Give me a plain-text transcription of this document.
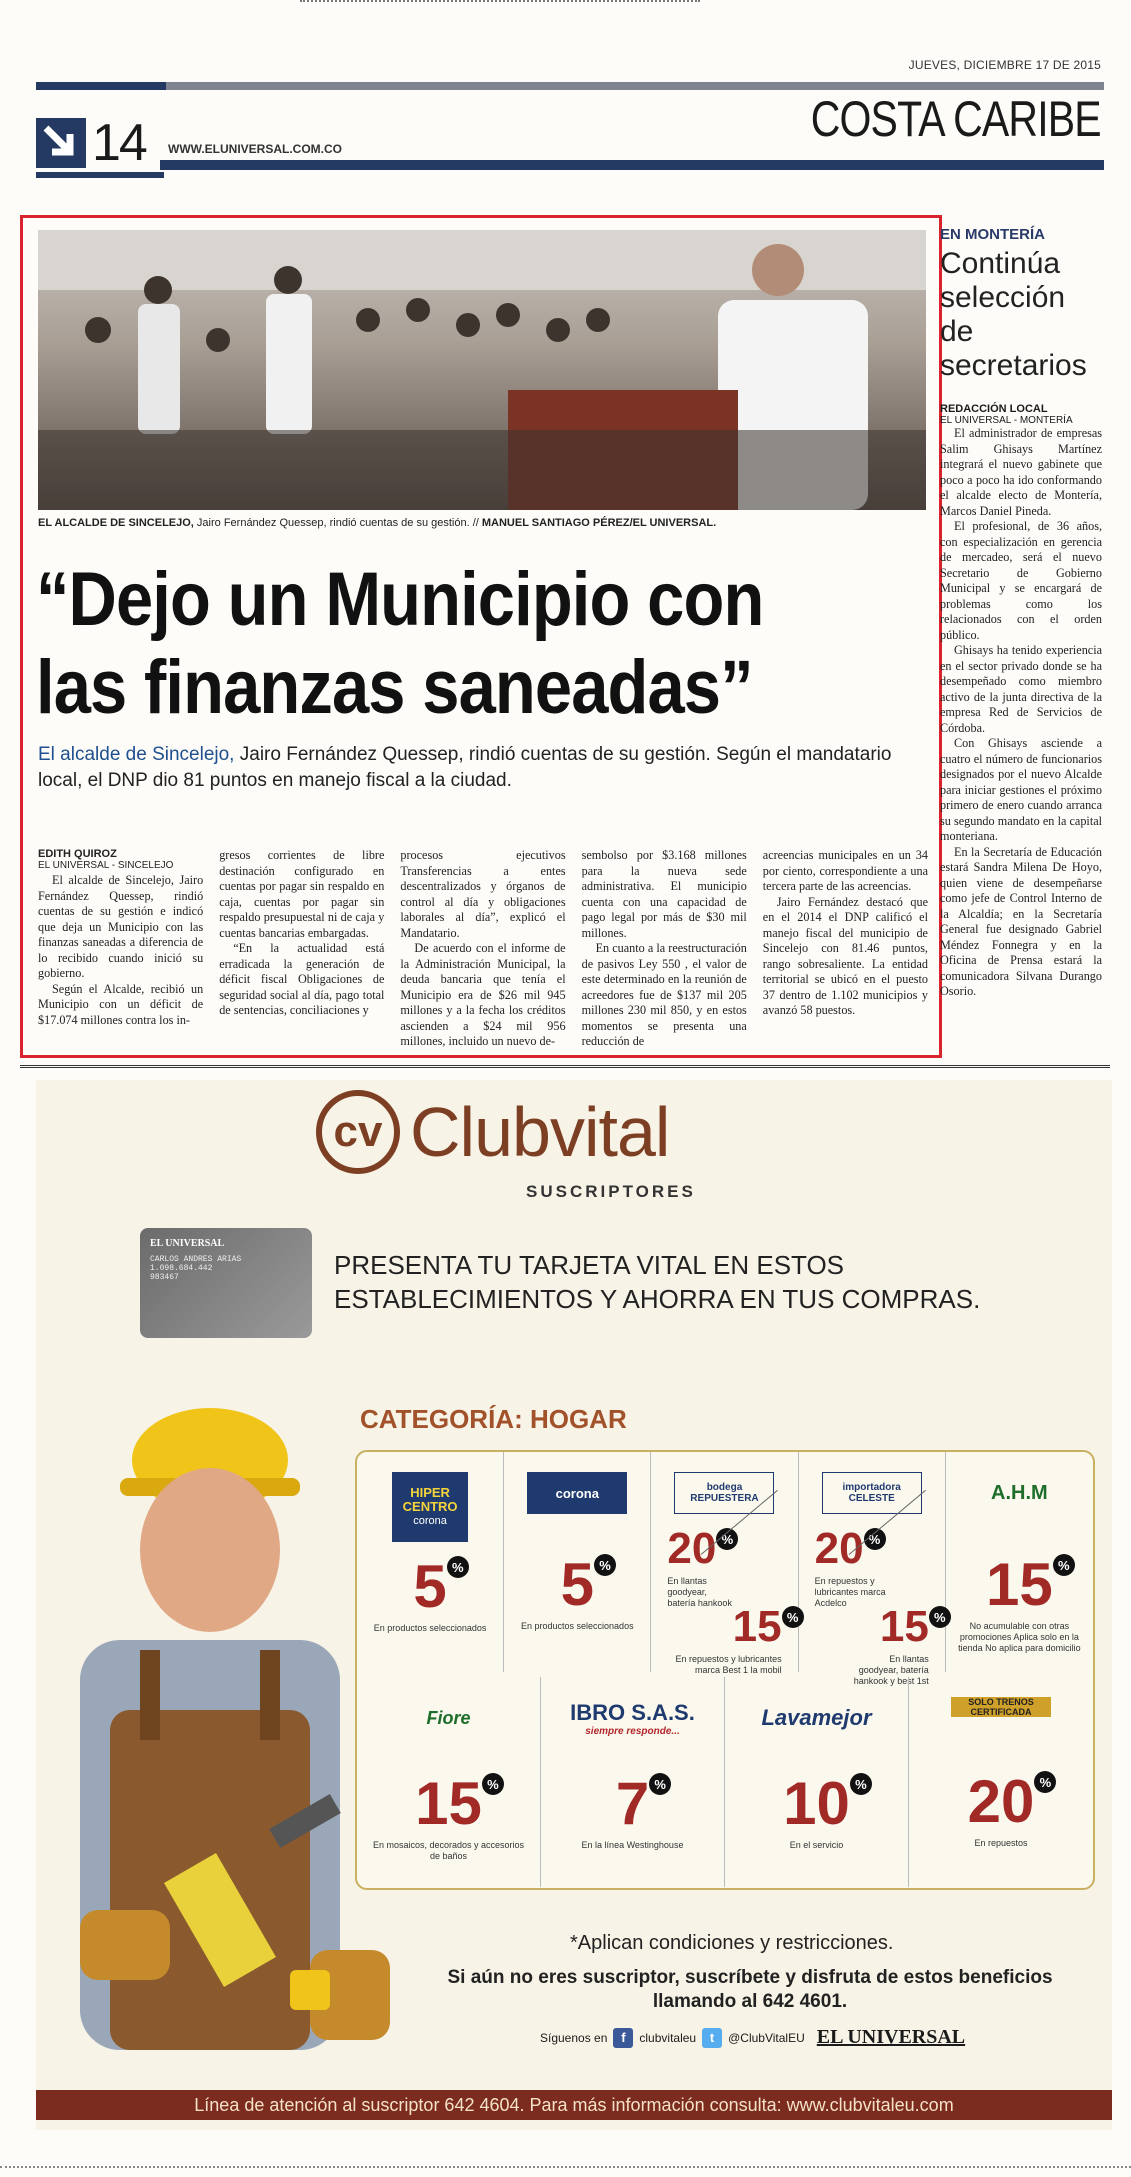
JUEVES, DICIEMBRE 17 DE 2015
COSTA CARIBE
14 WWW.ELUNIVERSAL.COM.CO
EL ALCALDE DE SINCELEJO, Jairo Fernández Quessep, rindió cuentas de su gestión. // MANUEL SANTIAGO PÉREZ/EL UNIVERSAL.
“Dejo un Municipio con
las finanzas saneadas”
El alcalde de Sincelejo, Jairo Fernández Quessep, rindió cuentas de su gestión. Según el mandatario local, el DNP dio 81 puntos en manejo fiscal a la ciudad.
EDITH QUIROZ
EL UNIVERSAL - SINCELEJO

El alcalde de Sincelejo, Jairo Fernández Quessep, rindió cuentas de su gestión e indicó que deja un Municipio con las finanzas saneadas a diferencia de lo recibido cuando inició su gobierno.

Según el Alcalde, recibió un Municipio con un déficit de $17.074 millones contra los in-

gresos corrientes de libre destinación configurado en cuentas por pagar sin respaldo en caja, cuentas por pagar sin respaldo presupuestal ni de caja y cuentas bancarias embargadas.

“En la actualidad está erradicada la generación de déficit fiscal Obligaciones de seguridad social al día, pago total de sentencias, conciliaciones y

procesos ejecutivos Transferencias a entes descentralizados y órganos de control al día y obligaciones laborales al día”, explicó el Mandatario.

De acuerdo con el informe de la Administración Municipal, la deuda bancaria que tenía el Municipio era de $26 mil 945 millones y a la fecha los créditos ascienden a $24 mil 956 millones, incluido un nuevo de-

sembolso por $3.168 millones para la nueva sede administrativa. El municipio cuenta con una capacidad de pago legal por más de $30 mil millones.

En cuanto a la reestructuración de pasivos Ley 550 , el valor de este determinado en la reunión de acreedores fue de $137 mil 205 millones 230 mil 850, y en estos momentos se presenta una reducción de

acreencias municipales en un 34 por ciento, correspondiente a una tercera parte de las acreencias.

Jairo Fernández destacó que en el 2014 el DNP calificó el manejo fiscal del municipio de Sincelejo con 81.46 puntos, rango sobresaliente. La entidad territorial se ubicó en el puesto 37 dentro de 1.102 municipios y avanzó 58 puestos.

EN MONTERÍA
Continúa selección de secretarios
REDACCIÓN LOCAL
EL UNIVERSAL - MONTERÍA

El administrador de empresas Salim Ghisays Martínez integrará el nuevo gabinete que poco a poco ha ido conformando el alcalde electo de Montería, Marcos Daniel Pineda.

El profesional, de 36 años, con especialización en gerencia de mercadeo, será el nuevo Secretario de Gobierno Municipal y se encargará de problemas como los relacionados con el orden público.

Ghisays ha tenido experiencia en el sector privado donde se ha desempeñado como miembro activo de la junta directiva de la empresa Red de Servicios de Córdoba.

Con Ghisays asciende a cuatro el número de funcionarios designados por el nuevo Alcalde para iniciar gestiones el próximo primero de enero cuando arranca su segundo mandato en la capital monteriana.

En la Secretaría de Educación estará Sandra Milena De Hoyo, quien viene de desempeñarse como jefe de Control Interno de la Alcaldía; en la Secretaría General fue designado Gabriel Méndez Fonnegra y en la Oficina de Prensa estará la comunicadora Silvana Durango Osorio.

cv Clubvital
SUSCRIPTORES
EL UNIVERSAL
CARLOS ANDRES ARIAS
1.098.684.442
983467	PRESENTA TU TARJETA VITAL EN ESTOS
ESTABLECIMIENTOS Y AHORRA EN TUS COMPRAS.
CATEGORÍA: HOGAR
HIPER
CENTRO
corona
5 %
En productos seleccionados
corona
5 %
En productos seleccionados
bodega REPUESTERA
20 %
En llantas goodyear, batería hankook 15 %
En repuestos y lubricantes marca Best 1 la mobil
importadora CELESTE
20 %
En repuestos y lubricantes marca Acdelco 15 %
En llantas goodyear, batería hankook y best 1st
A.H.M
15 %
No acumulable con otras promociones Aplica solo en la tienda No aplica para domicilio
Fiore
15 %
En mosaicos, decorados y accesorios de baños
IBRO S.A.S.
siempre responde...
7 %
En la línea Westinghouse
Lavamejor
10 %
En el servicio
SOLO TRENOS CERTIFICADA
20 %
En repuestos
*Aplican condiciones y restricciones.
Si aún no eres suscriptor, suscríbete y disfruta de estos beneficios
llamando al 642 4601.
Síguenos en	f	clubvitaleu	t	@ClubVitalEU EL UNIVERSAL
Línea de atención al suscriptor 642 4604. Para más información consulta: www.clubvitaleu.com
